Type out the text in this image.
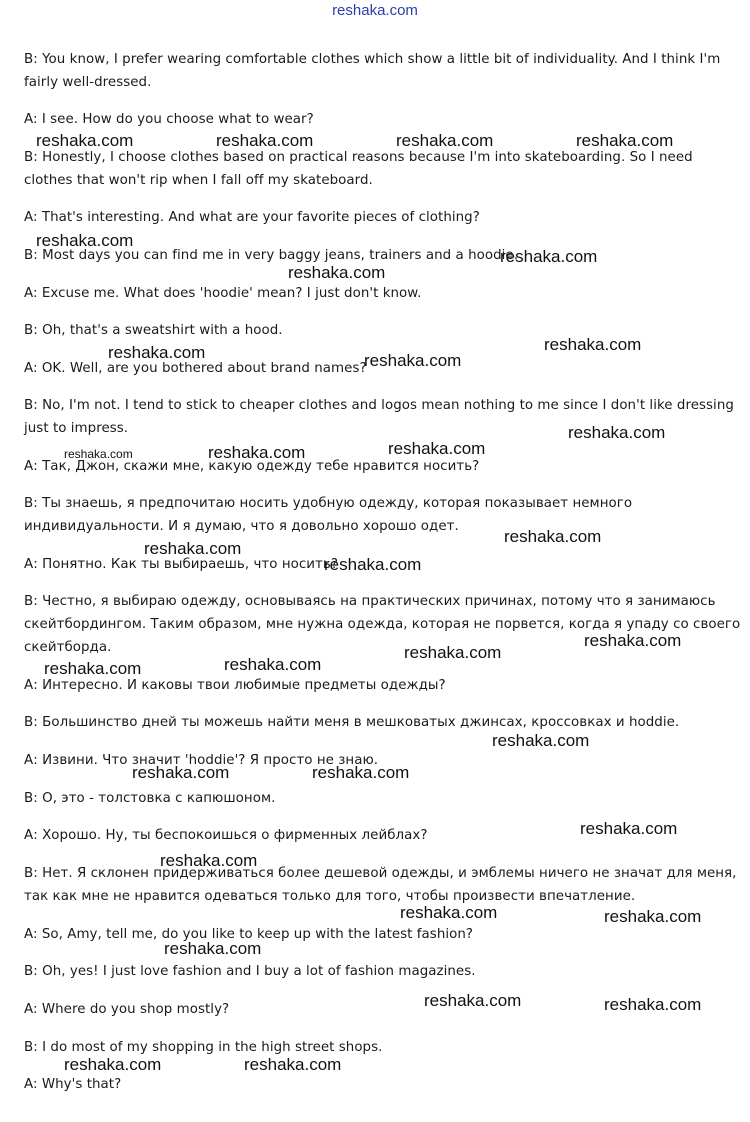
reshaka.com
B: You know, I prefer wearing comfortable clothes which show a little bit of individuality. And I think I'm
fairly well-dressed.
A: I see. How do you choose what to wear?
B: Honestly, I choose clothes based on practical reasons because I'm into skateboarding. So I need
clothes that won't rip when I fall off my skateboard.
A: That's interesting. And what are your favorite pieces of clothing?
B: Most days you can find me in very baggy jeans, trainers and a hoodie.
A: Excuse me. What does 'hoodie' mean? I just don't know.
B: Oh, that's a sweatshirt with a hood.
A: OK. Well, are you bothered about brand names?
B: No, I'm not. I tend to stick to cheaper clothes and logos mean nothing to me since I don't like dressing
just to impress.
А: Так, Джон, скажи мне, какую одежду тебе нравится носить?
В: Ты знаешь, я предпочитаю носить удобную одежду, которая показывает немного
индивидуальности. И я думаю, что я довольно хорошо одет.
А: Понятно. Как ты выбираешь, что носить?
В: Честно, я выбираю одежду, основываясь на практических причинах, потому что я занимаюсь
скейтбордингом. Таким образом, мне нужна одежда, которая не порвется, когда я упаду со своего
скейтборда.
А: Интересно. И каковы твои любимые предметы одежды?
В: Большинство дней ты можешь найти меня в мешковатых джинсах, кроссовках и hoddie.
А: Извини. Что значит 'hoddie'? Я просто не знаю.
В: О, это - толстовка с капюшоном.
А: Хорошо. Ну, ты беспокоишься о фирменных лейблах?
В: Нет. Я склонен придерживаться более дешевой одежды, и эмблемы ничего не значат для меня,
так как мне не нравится одеваться только для того, чтобы произвести впечатление.
A: So, Amy, tell me, do you like to keep up with the latest fashion?
B: Oh, yes! I just love fashion and I buy a lot of fashion magazines.
A: Where do you shop mostly?
B: I do most of my shopping in the high street shops.
A: Why's that?
reshaka.com	reshaka.com	reshaka.com	reshaka.com
reshaka.com
reshaka.com
reshaka.com
reshaka.com
reshaka.com	reshaka.com
reshaka.com
reshaka.com
reshaka.com	reshaka.com
reshaka.com
reshaka.com
reshaka.com
reshaka.com
reshaka.com
reshaka.com
reshaka.com
reshaka.com
reshaka.com	reshaka.com
reshaka.com
reshaka.com
reshaka.com	reshaka.com
reshaka.com
reshaka.com	reshaka.com
reshaka.com	reshaka.com
